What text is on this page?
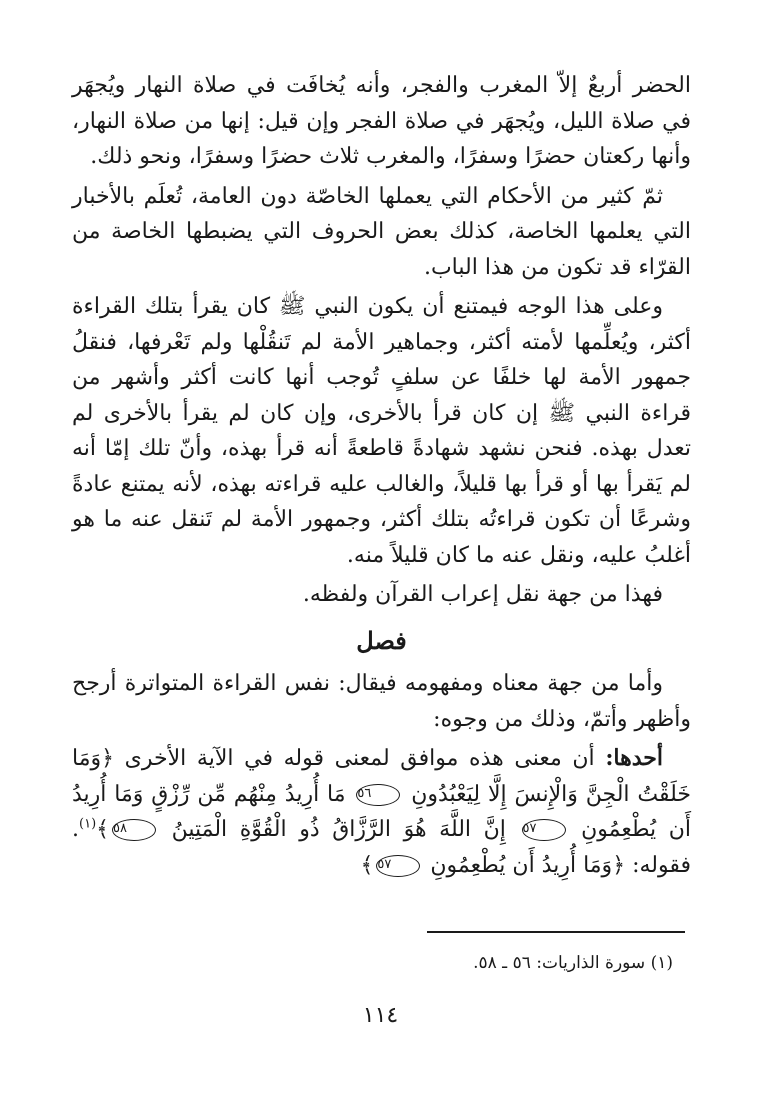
الحضر أربعٌ إلاّ المغرب والفجر، وأنه يُخافَت في صلاة النهار ويُجهَر في صلاة الليل، ويُجهَر في صلاة الفجر وإن قيل: إنها من صلاة النهار، وأنها ركعتان حضرًا وسفرًا، والمغرب ثلاث حضرًا وسفرًا، ونحو ذلك.

ثمّ كثير من الأحكام التي يعملها الخاصّة دون العامة، تُعلَم بالأخبار التي يعلمها الخاصة، كذلك بعض الحروف التي يضبطها الخاصة من القرّاء قد تكون من هذا الباب.

وعلى هذا الوجه فيمتنع أن يكون النبي ﷺ كان يقرأ بتلك القراءة أكثر، ويُعلِّمها لأمته أكثر، وجماهير الأمة لم تَنقُلْها ولم تَعْرفها، فنقلُ جمهور الأمة لها خلفًا عن سلفٍ تُوجب أنها كانت أكثر وأشهر من قراءة النبي ﷺ إن كان قرأ بالأخرى، وإن كان لم يقرأ بالأخرى لم تعدل بهذه. فنحن نشهد شهادةً قاطعةً أنه قرأ بهذه، وأنّ تلك إمّا أنه لم يَقرأ بها أو قرأ بها قليلاً، والغالب عليه قراءته بهذه، لأنه يمتنع عادةً وشرعًا أن تكون قراءتُه بتلك أكثر، وجمهور الأمة لم تَنقل عنه ما هو أغلبُ عليه، ونقل عنه ما كان قليلاً منه.

فهذا من جهة نقل إعراب القرآن ولفظه.

فصل

وأما من جهة معناه ومفهومه فيقال: نفس القراءة المتواترة أرجح وأظهر وأتمّ، وذلك من وجوه:

أحدها: أن معنى هذه موافق لمعنى قوله في الآية الأخرى ﴿وَمَا خَلَقْتُ الْجِنَّ وَالْإِنسَ إِلَّا لِيَعْبُدُونِ ٥٦ مَا أُرِيدُ مِنْهُم مِّن رِّزْقٍ وَمَا أُرِيدُ أَن يُطْعِمُونِ ٥٧ إِنَّ اللَّهَ هُوَ الرَّزَّاقُ ذُو الْقُوَّةِ الْمَتِينُ ٥٨﴾$^{(١)}$. فقوله: ﴿وَمَا أُرِيدُ أَن يُطْعِمُونِ ٥٧﴾

(١) سورة الذاريات: ٥٦ ـ ٥٨.
١١٤
